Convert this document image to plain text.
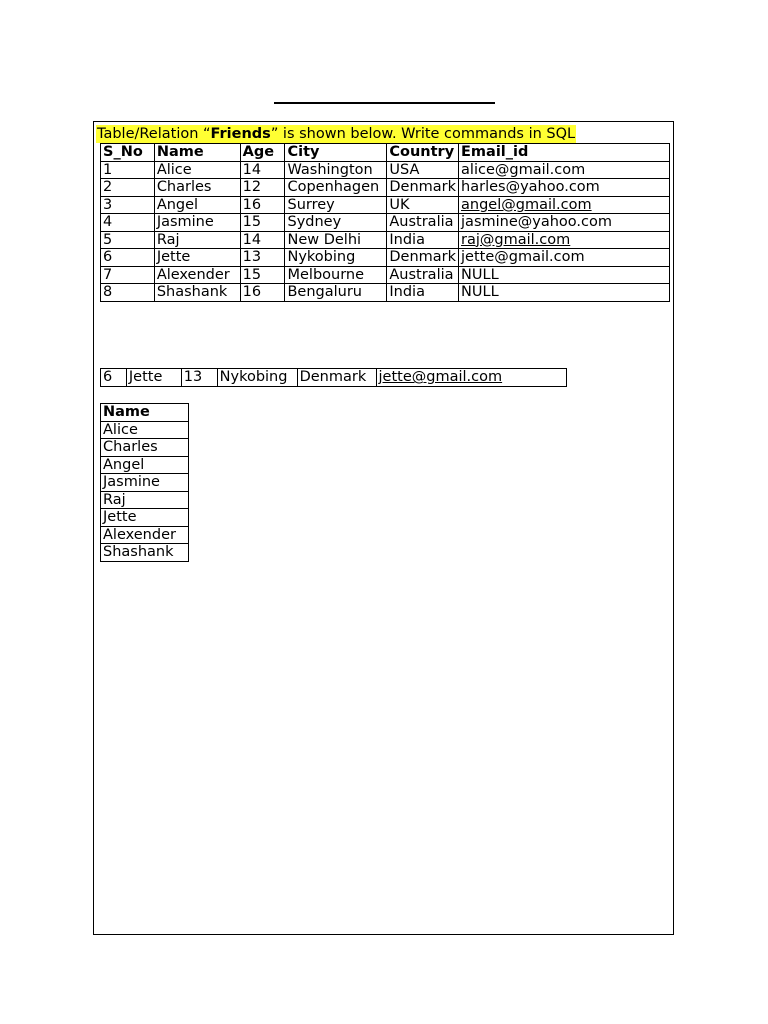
Table/Relation “Friends” is shown below. Write commands in SQL
S_No	Name	Age	City	Country	Email_id
1	Alice	14	Washington	USA	alice@gmail.com
2	Charles	12	Copenhagen	Denmark	harles@yahoo.com
3	Angel	16	Surrey	UK	angel@gmail.com
4	Jasmine	15	Sydney	Australia	jasmine@yahoo.com
5	Raj	14	New Delhi	India	raj@gmail.com
6	Jette	13	Nykobing	Denmark	jette@gmail.com
7	Alexender	15	Melbourne	Australia	NULL
8	Shashank	16	Bengaluru	India	NULL
6	Jette	13	Nykobing	Denmark	jette@gmail.com
Name
Alice
Charles
Angel
Jasmine
Raj
Jette
Alexender
Shashank
